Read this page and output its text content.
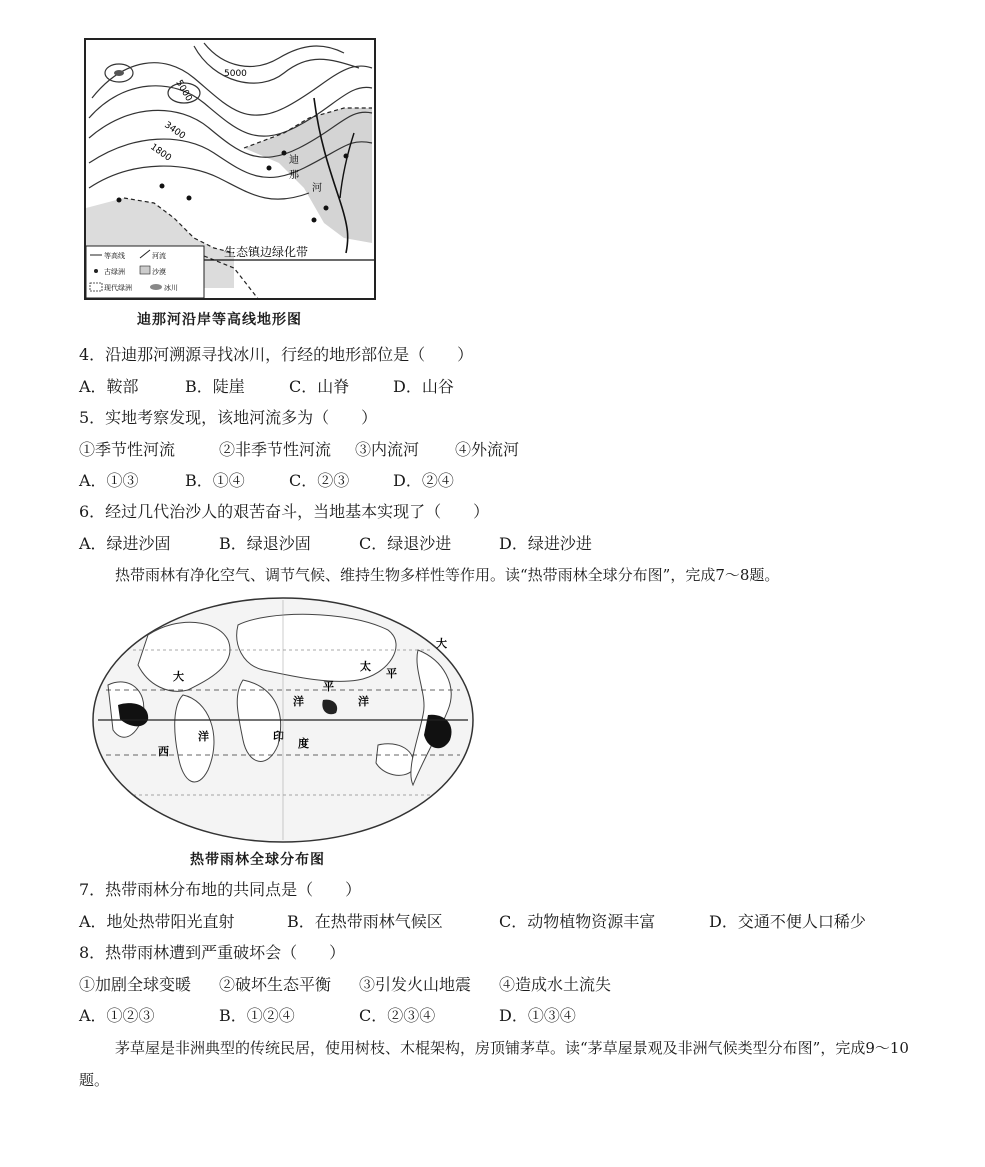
5000
5000
3400
1800	迪
那
河
生态镇边绿化带
等高线	河流
古绿洲	沙漠
现代绿洲	冰川
迪那河沿岸等高线地形图
4．沿迪那河溯源寻找冰川，行经的地形部位是（　　）
A．鞍部	B．陡崖	C．山脊	D．山谷
5．实地考察发现，该地河流多为（　　）
①季节性河流	②非季节性河流 ③内流河 ④外流河
A．①③	B．①④	C．②③	D．②④
6．经过几代治沙人的艰苦奋斗，当地基本实现了（　　）
A．绿进沙固	B．绿退沙固	C．绿退沙进	D．绿进沙进
热带雨林有净化空气、调节气候、维持生物多样性等作用。读“热带雨林全球分布图”，完成7～8题。
大
平
大
洋	洋
洋
西
印
度
太
平
热带雨林全球分布图
7．热带雨林分布地的共同点是（　　）
A．地处热带阳光直射	B．在热带雨林气候区	C．动物植物资源丰富	D．交通不便人口稀少
8．热带雨林遭到严重破坏会（　　）
①加剧全球变暖 ②破坏生态平衡 ③引发火山地震 ④造成水土流失
A．①②③	B．①②④	C．②③④	D．①③④
茅草屋是非洲典型的传统民居，使用树枝、木棍架构，房顶铺茅草。读“茅草屋景观及非洲气候类型分布图”，完成9～10题。
